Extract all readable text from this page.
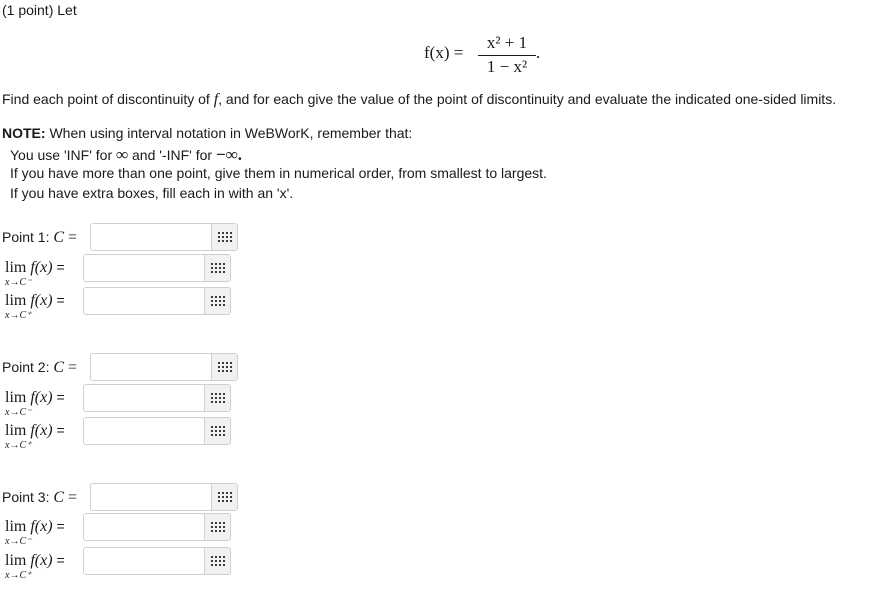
(1 point) Let
f(x) =
x² + 1
1 − x²
.
Find each point of discontinuity of f, and for each give the value of the point of discontinuity and evaluate the indicated one-sided limits.
NOTE: When using interval notation in WeBWorK, remember that:
You use 'INF' for ∞ and '-INF' for −∞.
If you have more than one point, give them in numerical order, from smallest to largest.
If you have extra boxes, fill each in with an 'x'.
Point 1: C =
lim f(x) =
x→C⁻
lim f(x) =
x→C⁺
Point 2: C =
lim f(x) =
x→C⁻
lim f(x) =
x→C⁺
Point 3: C =
lim f(x) =
x→C⁻
lim f(x) =
x→C⁺
